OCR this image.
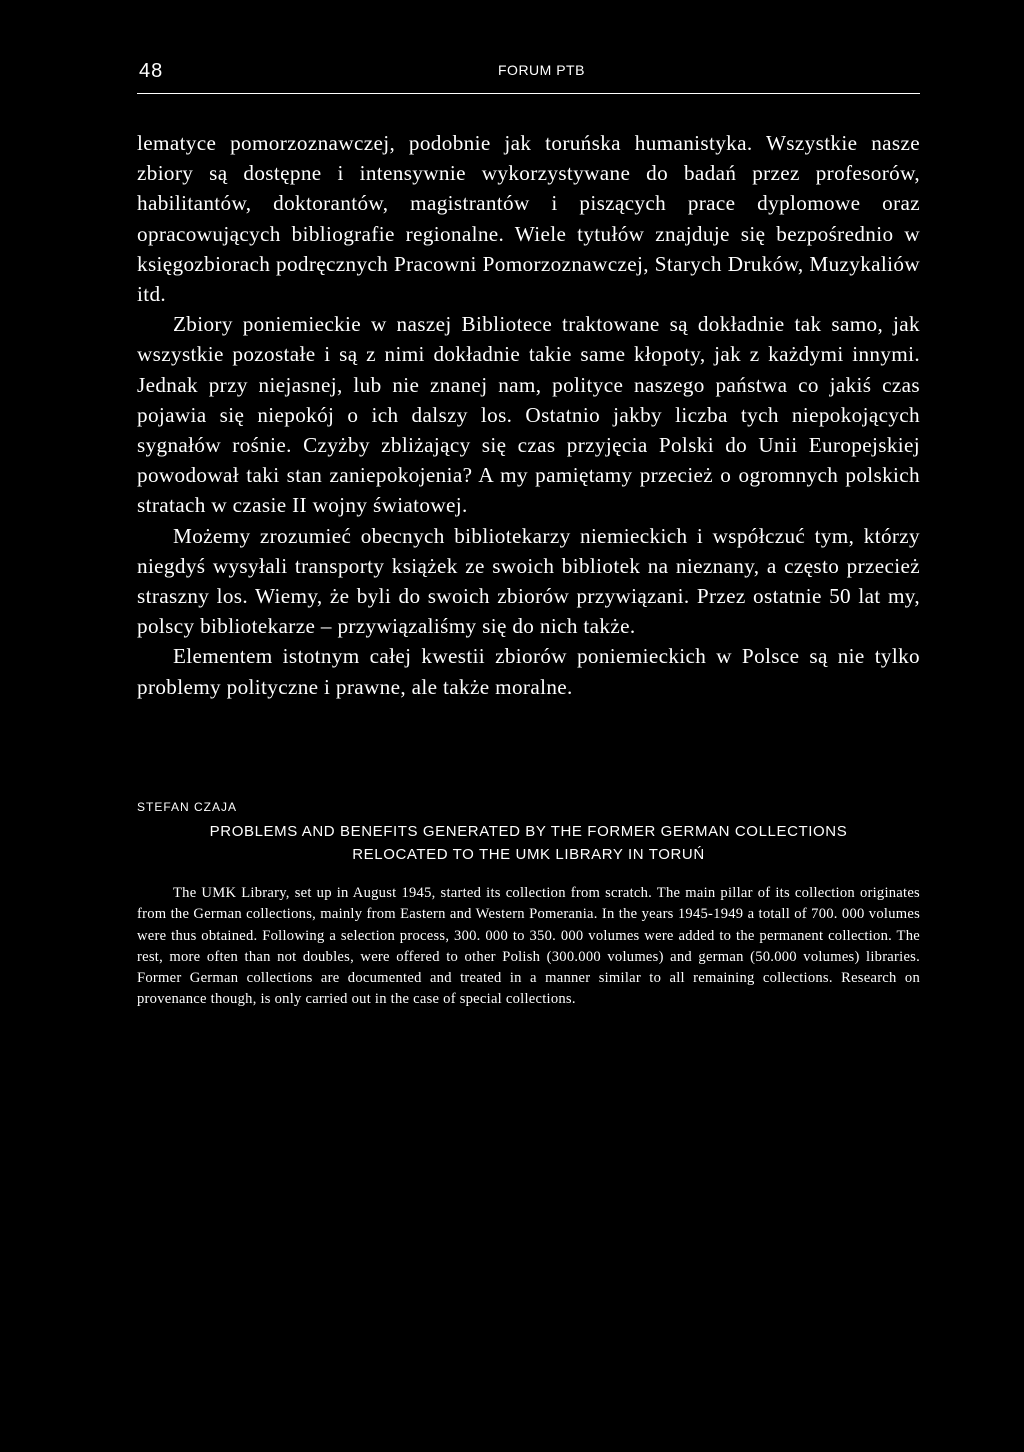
48	FORUM PTB

lematyce pomorzoznawczej, podobnie jak toruńska humanistyka. Wszystkie nasze zbiory są dostępne i intensywnie wykorzystywane do badań przez profesorów, habilitantów, doktorantów, magistrantów i piszących prace dyplomowe oraz opracowujących bibliografie regionalne. Wiele tytułów znajduje się bezpośrednio w księgozbiorach podręcznych Pracowni Pomorzoznawczej, Starych Druków, Muzykaliów itd.

Zbiory poniemieckie w naszej Bibliotece traktowane są dokładnie tak samo, jak wszystkie pozostałe i są z nimi dokładnie takie same kłopoty, jak z każdymi innymi. Jednak przy niejasnej, lub nie znanej nam, polityce naszego państwa co jakiś czas pojawia się niepokój o ich dalszy los. Ostatnio jakby liczba tych niepokojących sygnałów rośnie. Czyżby zbliżający się czas przyjęcia Polski do Unii Europejskiej powodował taki stan zaniepokojenia? A my pamiętamy przecież o ogromnych polskich stratach w czasie II wojny światowej.

Możemy zrozumieć obecnych bibliotekarzy niemieckich i współczuć tym, którzy niegdyś wysyłali transporty książek ze swoich bibliotek na nieznany, a często przecież straszny los. Wiemy, że byli do swoich zbiorów przywiązani. Przez ostatnie 50 lat my, polscy bibliotekarze – przywiązaliśmy się do nich także.

Elementem istotnym całej kwestii zbiorów poniemieckich w Polsce są nie tylko problemy polityczne i prawne, ale także moralne.

STEFAN CZAJA
PROBLEMS AND BENEFITS GENERATED BY THE FORMER GERMAN COLLECTIONS
RELOCATED TO THE UMK LIBRARY IN TORUŃ

The UMK Library, set up in August 1945, started its collection from scratch. The main pillar of its collection originates from the German collections, mainly from Eastern and Western Pomerania. In the years 1945-1949 a totall of 700. 000 volumes were thus obtained. Following a selection process, 300. 000 to 350. 000 volumes were added to the permanent collection. The rest, more often than not doubles, were offered to other Polish (300.000 volumes) and german (50.000 volumes) libraries. Former German collections are documented and treated in a manner similar to all remaining collections. Research on provenance though, is only carried out in the case of special collections.
